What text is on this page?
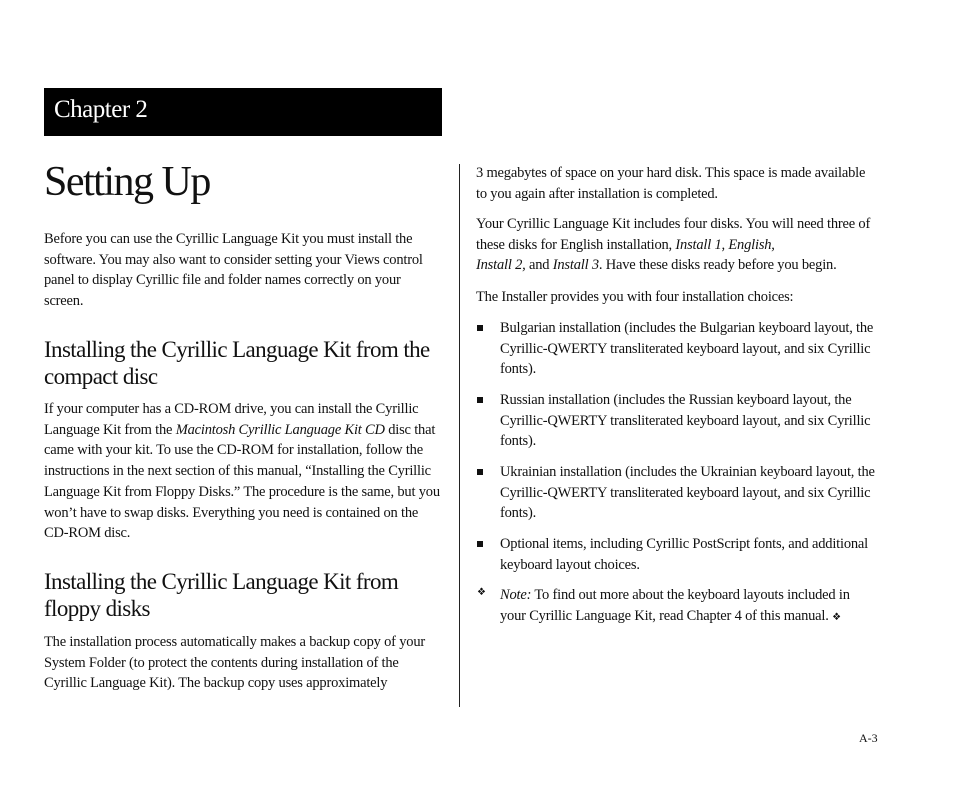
Chapter 2
Setting Up

Before you can use the Cyrillic Language Kit you must install the software. You may also want to consider setting your Views control panel to display Cyrillic file and folder names correctly on your screen.

Installing the Cyrillic Language Kit from the compact disc

If your computer has a CD-ROM drive, you can install the Cyrillic Language Kit from the Macintosh Cyrillic Language Kit CD disc that came with your kit. To use the CD-ROM for installation, follow the instructions in the next section of this manual, “Installing the Cyrillic Language Kit from Floppy Disks.” The procedure is the same, but you won’t have to swap disks. Everything you need is contained on the CD-ROM disc.

Installing the Cyrillic Language Kit from floppy disks

The installation process automatically makes a backup copy of your System Folder (to protect the contents during installation of the Cyrillic Language Kit). The backup copy uses approximately

3 megabytes of space on your hard disk. This space is made available to you again after installation is completed.

Your Cyrillic Language Kit includes four disks. You will need three of these disks for English installation, Install 1, English,
Install 2, and Install 3. Have these disks ready before you begin.

The Installer provides you with four installation choices:

Bulgarian installation (includes the Bulgarian keyboard layout, the Cyrillic-QWERTY transliterated keyboard layout, and six Cyrillic fonts).

Russian installation (includes the Russian keyboard layout, the Cyrillic-QWERTY transliterated keyboard layout, and six Cyrillic fonts).

Ukrainian installation (includes the Ukrainian keyboard layout, the Cyrillic-QWERTY transliterated keyboard layout, and six Cyrillic fonts).

Optional items, including Cyrillic PostScript fonts, and additional keyboard layout choices.

❖ Note: To find out more about the keyboard layouts included in your Cyrillic Language Kit, read Chapter 4 of this manual. ❖

A-3
